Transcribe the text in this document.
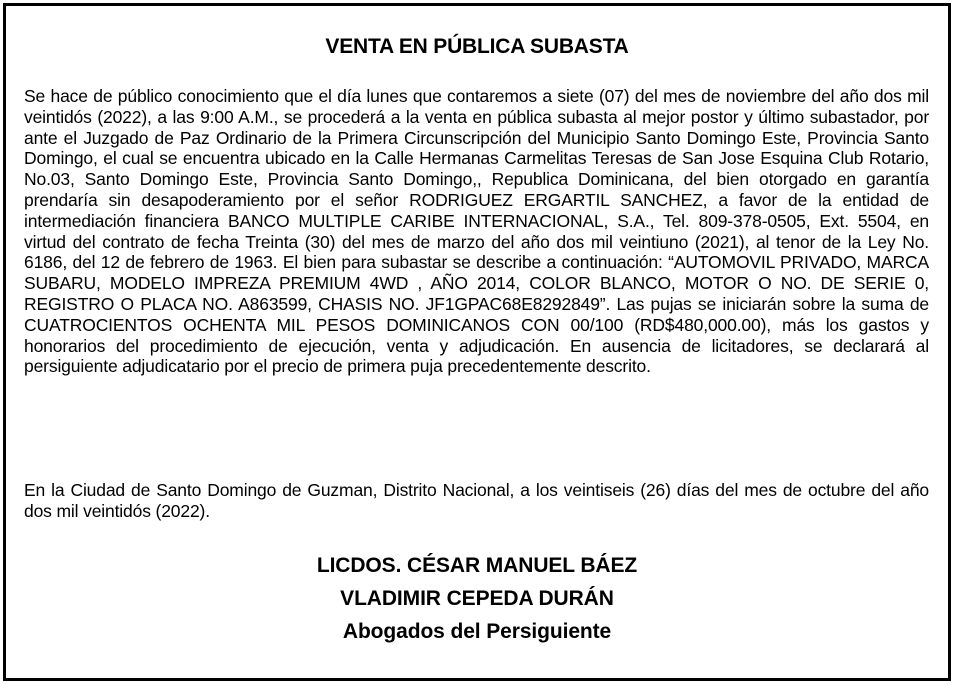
VENTA EN PÚBLICA SUBASTA

Se hace de público conocimiento que el día lunes que contaremos a siete (07) del mes de noviembre del año dos mil veintidós (2022), a las 9:00 A.M., se procederá a la venta en pública subasta al mejor postor y último subastador, por ante el Juzgado de Paz Ordinario de la Primera Circunscripción del Municipio Santo Domingo Este, Provincia Santo Domingo, el cual se encuentra ubicado en la Calle Hermanas Carmelitas Teresas de San Jose Esquina Club Rotario, No.03, Santo Domingo Este, Provincia Santo Domingo,, Republica Dominicana, del bien otorgado en garantía prendaría sin desapoderamiento por el señor RODRIGUEZ ERGARTIL SANCHEZ, a favor de la entidad de intermediación financiera BANCO MULTIPLE CARIBE INTERNACIONAL, S.A., Tel. 809-378-0505, Ext. 5504, en virtud del contrato de fecha Treinta (30) del mes de marzo del año dos mil veintiuno (2021), al tenor de la Ley No. 6186, del 12 de febrero de 1963. El bien para subastar se describe a continuación: “AUTOMOVIL PRIVADO, MARCA SUBARU, MODELO IMPREZA PREMIUM 4WD , AÑO 2014, COLOR BLANCO, MOTOR O NO. DE SERIE 0, REGISTRO O PLACA NO. A863599, CHASIS NO. JF1GPAC68E8292849”. Las pujas se iniciarán sobre la suma de CUATROCIENTOS OCHENTA MIL PESOS DOMINICANOS CON 00/100 (RD$480,000.00), más los gastos y honorarios del procedimiento de ejecución, venta y adjudicación. En ausencia de licitadores, se declarará al persiguiente adjudicatario por el precio de primera puja precedentemente descrito.

En la Ciudad de Santo Domingo de Guzman, Distrito Nacional, a los veintiseis (26) días del mes de octubre del año dos mil veintidós (2022).

LICDOS. CÉSAR MANUEL BÁEZ
VLADIMIR CEPEDA DURÁN
Abogados del Persiguiente
